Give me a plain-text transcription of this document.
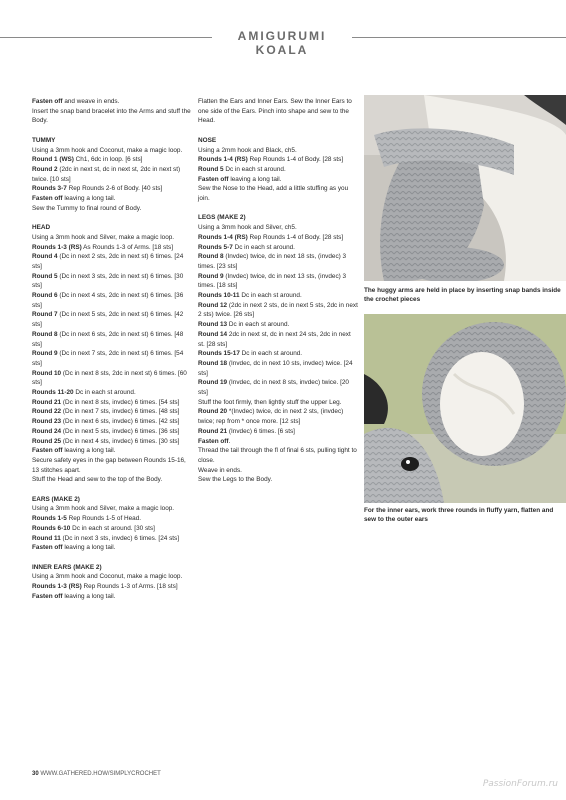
AMIGURUMI KOALA

Fasten off and weave in ends.

Insert the snap band bracelet into the Arms and stuff the Body.

TUMMY

Using a 3mm hook and Coconut, make a magic loop.

Round 1 (WS) Ch1, 6dc in loop. [6 sts]

Round 2 (2dc in next st, dc in next st, 2dc in next st) twice. [10 sts]

Rounds 3-7 Rep Rounds 2-6 of Body. [40 sts]

Fasten off leaving a long tail.

Sew the Tummy to final round of Body.

HEAD

Using a 3mm hook and Silver, make a magic loop.

Rounds 1-3 (RS) As Rounds 1-3 of Arms. [18 sts]

Round 4 (Dc in next 2 sts, 2dc in next st) 6 times. [24 sts]

Round 5 (Dc in next 3 sts, 2dc in next st) 6 times. [30 sts]

Round 6 (Dc in next 4 sts, 2dc in next st) 6 times. [36 sts]

Round 7 (Dc in next 5 sts, 2dc in next st) 6 times. [42 sts]

Round 8 (Dc in next 6 sts, 2dc in next st) 6 times. [48 sts]

Round 9 (Dc in next 7 sts, 2dc in next st) 6 times. [54 sts]

Round 10 (Dc in next 8 sts, 2dc in next st) 6 times. [60 sts]

Rounds 11-20 Dc in each st around.

Round 21 (Dc in next 8 sts, invdec) 6 times. [54 sts]

Round 22 (Dc in next 7 sts, invdec) 6 times. [48 sts]

Round 23 (Dc in next 6 sts, invdec) 6 times. [42 sts]

Round 24 (Dc in next 5 sts, invdec) 6 times. [36 sts]

Round 25 (Dc in next 4 sts, invdec) 6 times. [30 sts]

Fasten off leaving a long tail.

Secure safety eyes in the gap between Rounds 15-16, 13 stitches apart.

Stuff the Head and sew to the top of the Body.

EARS (MAKE 2)

Using a 3mm hook and Silver, make a magic loop.

Rounds 1-5 Rep Rounds 1-5 of Head.

Rounds 6-10 Dc in each st around. [30 sts]

Round 11 (Dc in next 3 sts, invdec) 6 times. [24 sts]

Fasten off leaving a long tail.

INNER EARS (MAKE 2)

Using a 3mm hook and Coconut, make a magic loop.

Rounds 1-3 (RS) Rep Rounds 1-3 of Arms. [18 sts]

Fasten off leaving a long tail.

Flatten the Ears and Inner Ears. Sew the Inner Ears to one side of the Ears. Pinch into shape and sew to the Head.

NOSE

Using a 2mm hook and Black, ch5.

Rounds 1-4 (RS) Rep Rounds 1-4 of Body. [28 sts]

Round 5 Dc in each st around.

Fasten off leaving a long tail.

Sew the Nose to the Head, add a little stuffing as you join.

LEGS (MAKE 2)

Using a 3mm hook and Silver, ch5.

Rounds 1-4 (RS) Rep Rounds 1-4 of Body. [28 sts]

Rounds 5-7 Dc in each st around.

Round 8 (Invdec) twice, dc in next 18 sts, (invdec) 3 times. [23 sts]

Round 9 (Invdec) twice, dc in next 13 sts, (invdec) 3 times. [18 sts]

Rounds 10-11 Dc in each st around.

Round 12 (2dc in next 2 sts, dc in next 5 sts, 2dc in next 2 sts) twice. [26 sts]

Round 13 Dc in each st around.

Round 14 2dc in next st, dc in next 24 sts, 2dc in next st. [28 sts]

Rounds 15-17 Dc in each st around.

Round 18 (Invdec, dc in next 10 sts, invdec) twice. [24 sts]

Round 19 (Invdec, dc in next 8 sts, invdec) twice. [20 sts]

Stuff the foot firmly, then lightly stuff the upper Leg.

Round 20 *(Invdec) twice, dc in next 2 sts, (invdec) twice; rep from * once more. [12 sts]

Round 21 (Invdec) 6 times. [6 sts]

Fasten off.

Thread the tail through the fl of final 6 sts, pulling tight to close.

Weave in ends.

Sew the Legs to the Body.

The huggy arms are held in place by inserting snap bands inside the crochet pieces
For the inner ears, work three rounds in fluffy yarn, flatten and sew to the outer ears
30 WWW.GATHERED.HOW/SIMPLYCROCHET
PassionForum.ru
